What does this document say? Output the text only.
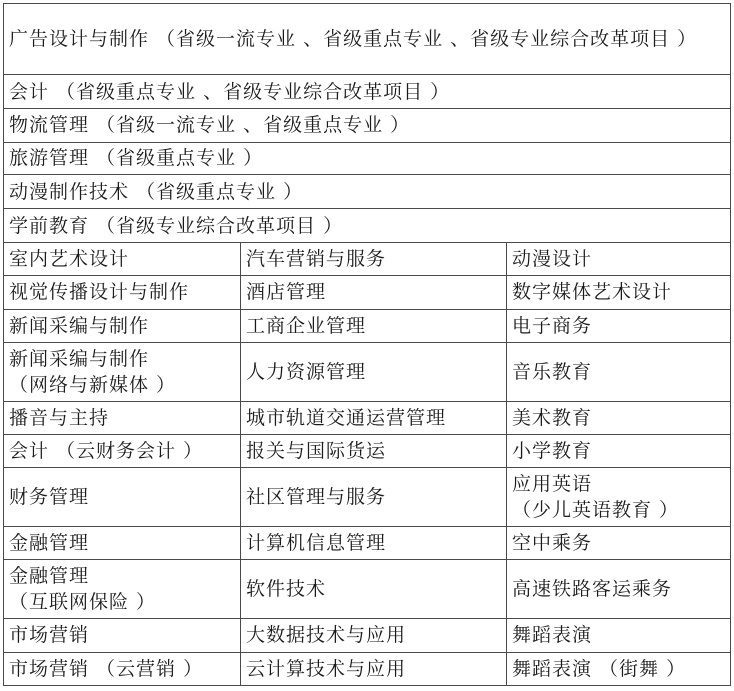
广告设计与制作 （省级一流专业 、省级重点专业 、省级专业综合改革项目 ）		
会计 （省级重点专业 、省级专业综合改革项目 ）		
物流管理 （省级一流专业 、省级重点专业 ）		
旅游管理 （省级重点专业 ）		
动漫制作技术 （省级重点专业 ）		
学前教育 （省级专业综合改革项目 ）		

室内艺术设计	汽车营销与服务	动漫设计

视觉传播设计与制作	酒店管理	数字媒体艺术设计

新闻采编与制作	工商企业管理	电子商务

新闻采编与制作
（网络与新媒体 ）	人力资源管理	音乐教育

播音与主持	城市轨道交通运营管理	美术教育

会计 （云财务会计 ）	报关与国际货运	小学教育

财务管理	社区管理与服务	应用英语
（少儿英语教育 ）

金融管理	计算机信息管理	空中乘务

金融管理
（互联网保险 ）	软件技术	高速铁路客运乘务

市场营销	大数据技术与应用	舞蹈表演

市场营销 （云营销 ）	云计算技术与应用	舞蹈表演 （街舞 ）
